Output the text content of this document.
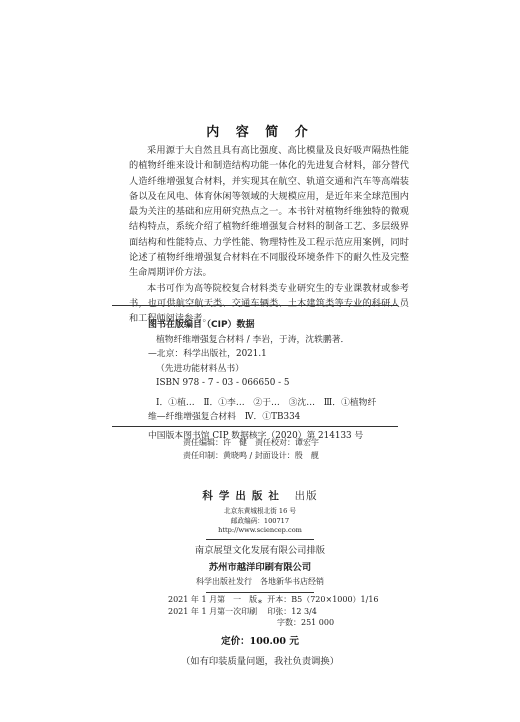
内 容 简 介

采用源于大自然且具有高比强度、高比模量及良好吸声隔热性能的植物纤维来设计和制造结构功能一体化的先进复合材料，部分替代人造纤维增强复合材料，并实现其在航空、轨道交通和汽车等高端装备以及在风电、体育休闲等领域的大规模应用，是近年来全球范围内最为关注的基础和应用研究热点之一。本书针对植物纤维独特的微观结构特点，系统介绍了植物纤维增强复合材料的制备工艺、多层级界面结构和性能特点、力学性能、物理特性及工程示范应用案例，同时论述了植物纤维增强复合材料在不同服役环境条件下的耐久性及完整生命周期评价方法。

本书可作为高等院校复合材料类专业研究生的专业课教材或参考书，也可供航空航天类、交通车辆类、土木建筑类等专业的科研人员和工程师阅读参考。

图书在版编目（CIP）数据
植物纤维增强复合材料 / 李岩，于涛，沈轶鹏著．
—北京：科学出版社，2021.1
（先进功能材料丛书）
ISBN 978 - 7 - 03 - 066650 - 5
Ⅰ．①植…　Ⅱ．①李…　②于…　③沈…　Ⅲ．①植物纤
维—纤维增强复合材料　Ⅳ．①TB334
中国版本图书馆 CIP 数据核字（2020）第 214133 号
责任编辑：许　健　责任校对：谭宏宇
责任印制：黄晓鸣 / 封面设计：殷　靓
科学出版社 出版
北京东黄城根北街 16 号
邮政编码：100717
http://www.sciencep.com
南京展望文化发展有限公司排版
苏州市越洋印刷有限公司
科学出版社发行　各地新华书店经销
*
2021 年 1 月第　一　版 开本：B5（720×1000）1/16
2021 年 1 月第一次印刷 印张：12 3/4
字数：251 000
定价：100.00 元
（如有印装质量问题，我社负责调换）
